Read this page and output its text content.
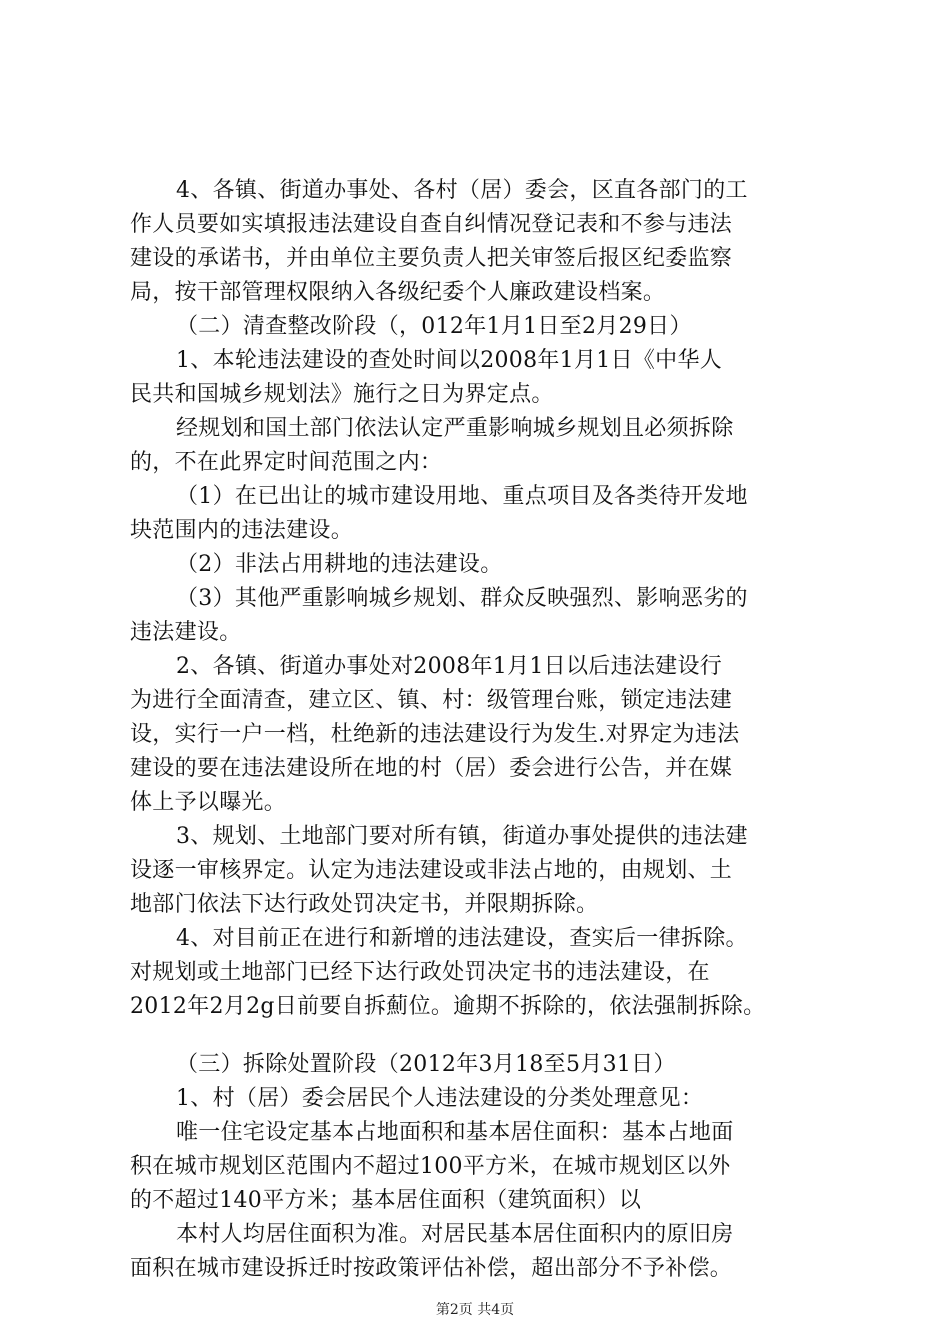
4、各镇、街道办事处、各村（居）委会，区直各部门的工
作人员要如实填报违法建设自查自纠情况登记表和不参与违法
建设的承诺书，并由单位主要负责人把关审签后报区纪委监察
局，按干部管理权限纳入各级纪委个人廉政建设档案。
（二）清查整改阶段（，012年1月1日至2月29日）
1、本轮违法建设的查处时间以2008年1月1日《中华人
民共和国城乡规划法》施行之日为界定点。
经规划和国土部门依法认定严重影响城乡规划且必须拆除
的，不在此界定时间范围之内：
（1）在已出让的城市建设用地、重点项目及各类待开发地
块范围内的违法建设。
（2）非法占用耕地的违法建设。
（3）其他严重影响城乡规划、群众反映强烈、影响恶劣的
违法建设。
2、各镇、街道办事处对2008年1月1日以后违法建设行
为进行全面清查，建立区、镇、村：级管理台账，锁定违法建
设，实行一户一档，杜绝新的违法建设行为发生.对界定为违法
建设的要在违法建设所在地的村（居）委会进行公告，并在媒
体上予以曝光。
3、规划、土地部门要对所有镇，街道办事处提供的违法建
设逐一审核界定。认定为违法建设或非法占地的，由规划、土
地部门依法下达行政处罚决定书，并限期拆除。
4、对目前正在进行和新增的违法建设，查实后一律拆除。
对规划或土地部门已经下达行政处罚决定书的违法建设，在
2012年2月2g日前要自拆薊位。逾期不拆除的，依法强制拆除。
（三）拆除处置阶段（2012年3月18至5月31日）
1、村（居）委会居民个人违法建设的分类处理意见：
唯一住宅设定基本占地面积和基本居住面积：基本占地面
积在城市规划区范围内不超过100平方米，在城市规划区以外
的不超过140平方米；基本居住面积（建筑面积）以
本村人均居住面积为准。对居民基本居住面积内的原旧房
面积在城市建设拆迁时按政策评估补偿，超出部分不予补偿。
第2页 共4页
